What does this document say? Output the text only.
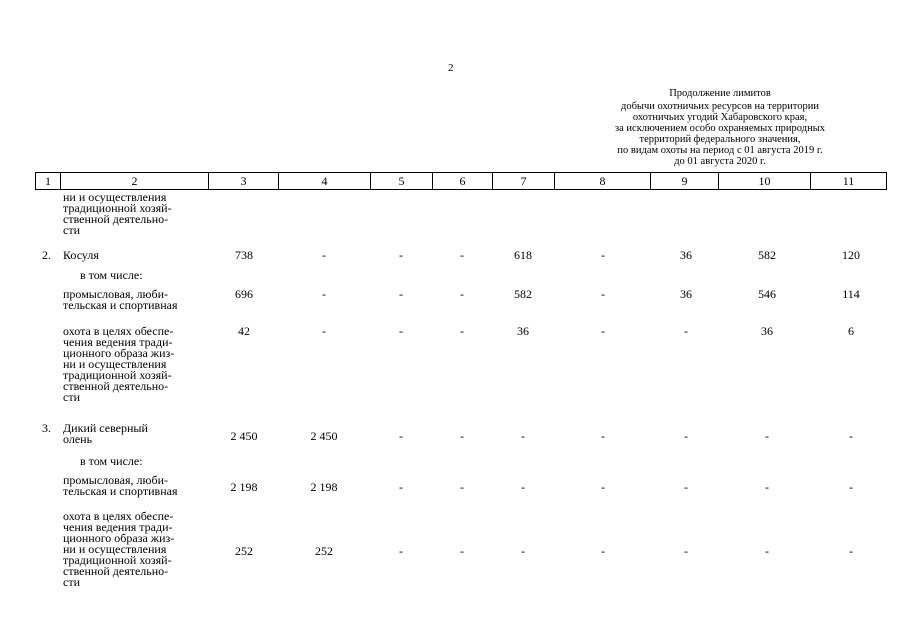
2
Продолжение лимитов
добычи охотничьих ресурсов на территории
охотничьих угодий Хабаровского края,
за исключением особо охраняемых природных
территорий федерального значения,
по видам охоты на период с 01 августа 2019 г.
до 01 августа 2020 г.
1	2	3	4	5	6	7	8	9	10	11
ни и осуществления
традиционной хозяй-
ственной деятельно-
сти
2. Косуля	738	-	-	-	618	-	36	582	120
в том числе:
промысловая, люби-
тельская и спортивная
696	-	-	-	582	-	36	546	114
охота в целях обеспе-
чения ведения тради-
ционного образа жиз-
ни и осуществления
традиционной хозяй-
ственной деятельно-
сти
42	-	-	-	36	-	-	36	6
3. Дикий северный
олень	2 450	2 450	-	-	-	-	-	-	-
в том числе:
промысловая, люби-
тельская и спортивная	2 198	2 198	-	-	-	-	-	-	-
охота в целях обеспе-
чения ведения тради-
ционного образа жиз-
ни и осуществления
традиционной хозяй-
ственной деятельно-
сти
252	252	-	-	-	-	-	-	-
